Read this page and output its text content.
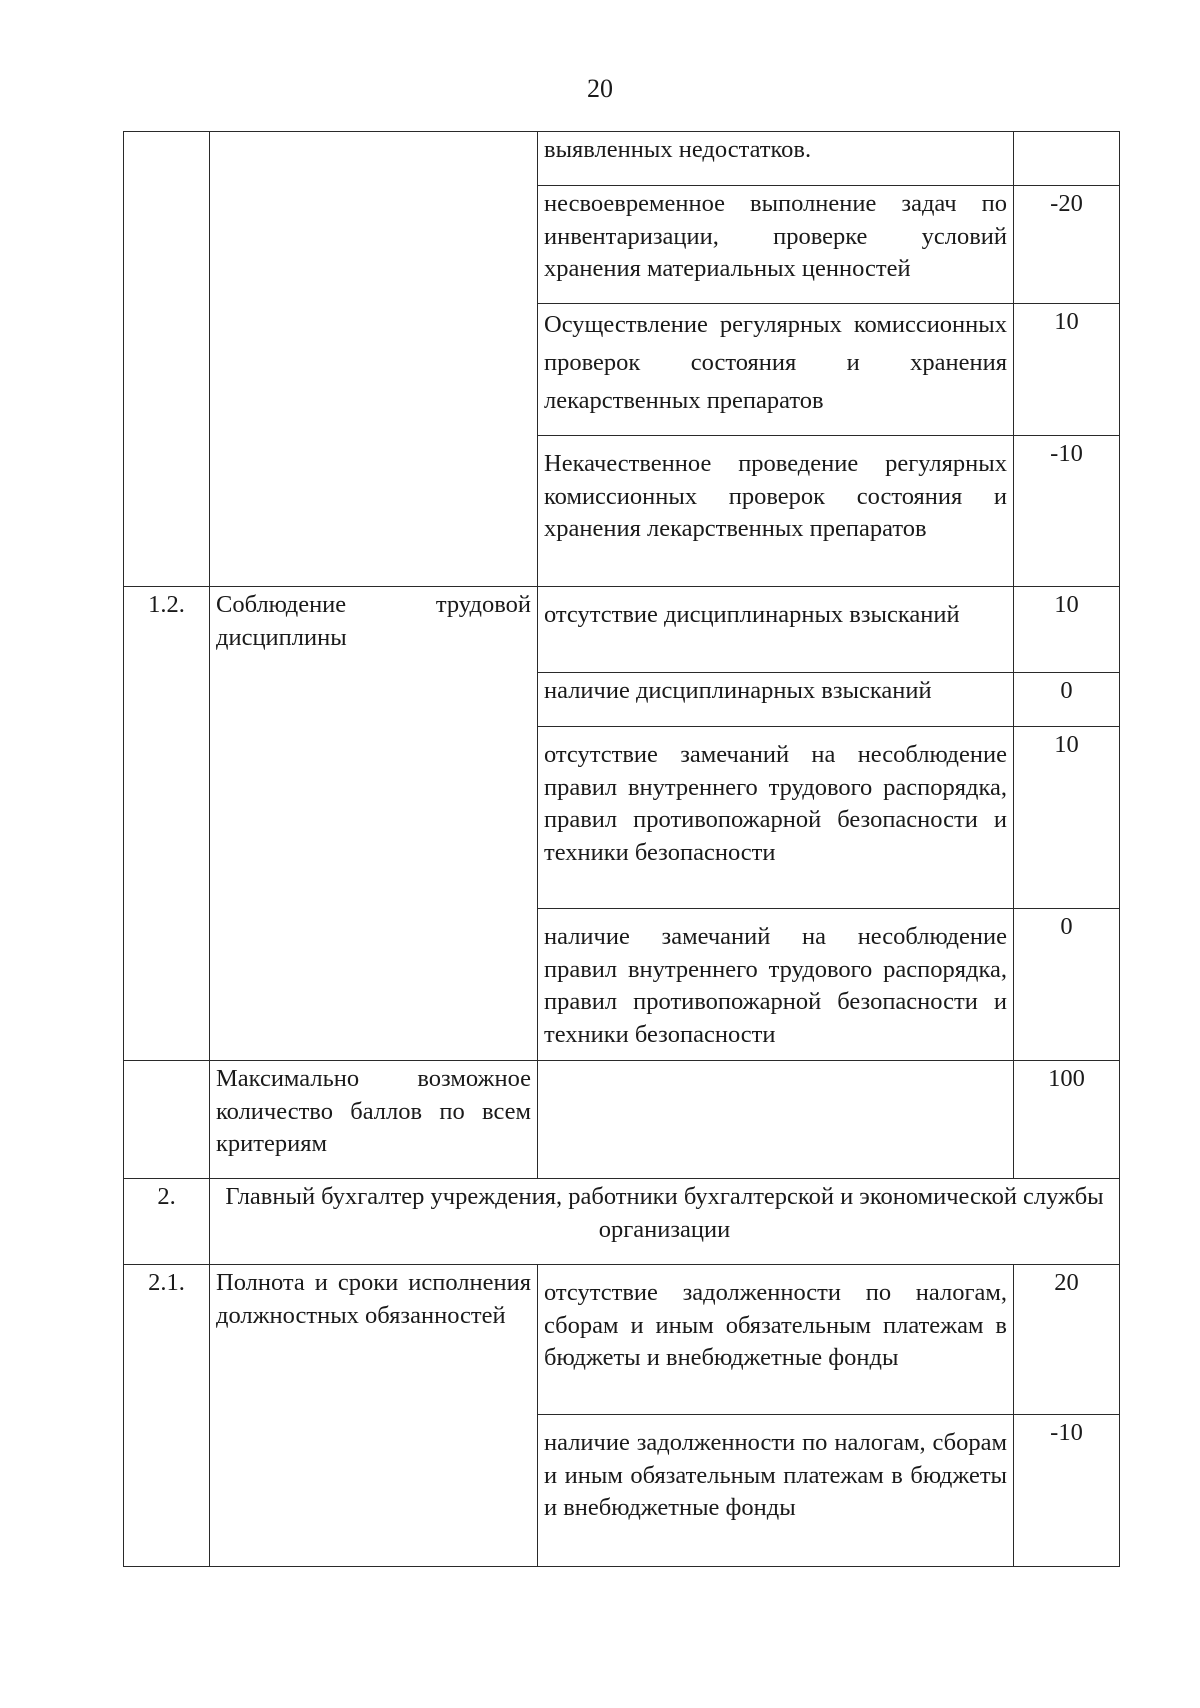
20
		выявленных недостатков.	
		несвоевременное выполнение задач по инвентаризации, проверке условий хранения материальных ценностей	-20
		Осуществление регулярных комиссионных проверок состояния и хранения лекарственных препаратов	10
		Некачественное проведение регулярных комиссионных проверок состояния и хранения лекарственных препаратов	-10
1.2.	Соблюдение трудовой дисциплины	отсутствие дисциплинарных взысканий	10
		наличие дисциплинарных взысканий	0
		отсутствие замечаний на несоблюдение правил внутреннего трудового распорядка, правил противопожарной безопасности и техники безопасности	10
		наличие замечаний на несоблюдение правил внутреннего трудового распорядка, правил противопожарной безопасности и техники безопасности	0
	Максимально возможное количество баллов по всем критериям		100
2.	Главный бухгалтер учреждения, работники бухгалтерской и экономической службы организации		
2.1.	Полнота и сроки исполнения должностных обязанностей	отсутствие задолженности по налогам, сборам и иным обязательным платежам в бюджеты и внебюджетные фонды	20
		наличие задолженности по налогам, сборам и иным обязательным платежам в бюджеты и внебюджетные фонды	-10
